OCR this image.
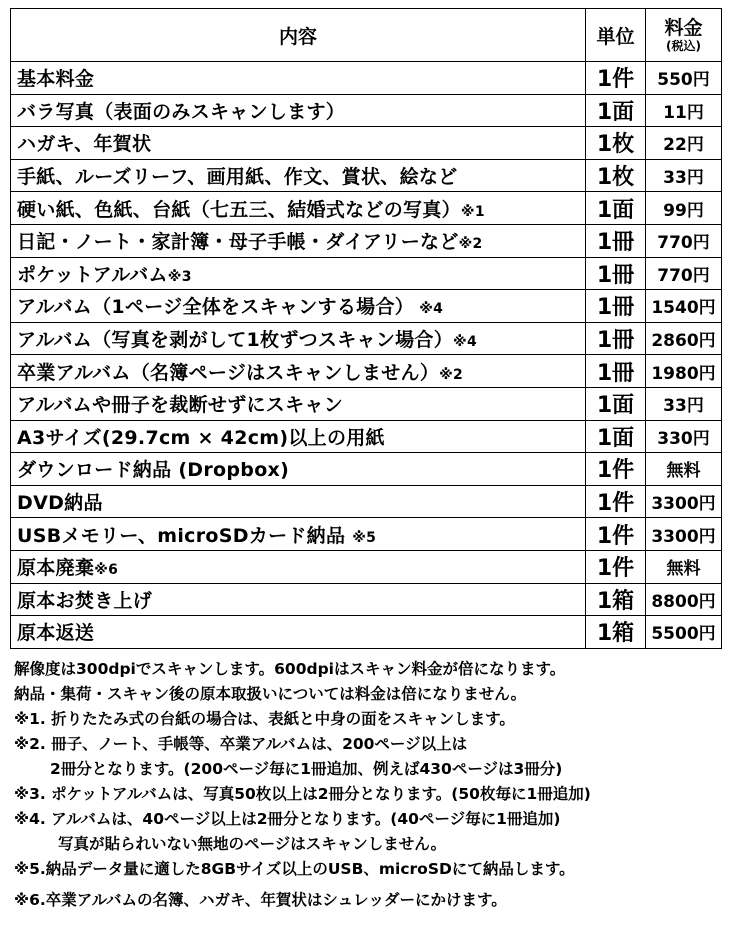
内容	単位	料金
(税込)

基本料金	1件	550円
バラ写真（表面のみスキャンします）	1面	11円
ハガキ、年賀状	1枚	22円
手紙、ルーズリーフ、画用紙、作文、賞状、絵など	1枚	33円
硬い紙、色紙、台紙（七五三、結婚式などの写真）※1	1面	99円
日記・ノート・家計簿・母子手帳・ダイアリーなど※2	1冊	770円
ポケットアルバム※3	1冊	770円
アルバム（1ページ全体をスキャンする場合） ※4	1冊	1540円
アルバム（写真を剥がして1枚ずつスキャン場合）※4	1冊	2860円
卒業アルバム（名簿ページはスキャンしません）※2	1冊	1980円
アルバムや冊子を裁断せずにスキャン	1面	33円
A3サイズ(29.7cm × 42cm)以上の用紙	1面	330円
ダウンロード納品 (Dropbox)	1件	無料
DVD納品	1件	3300円
USBメモリー、microSDカード納品 ※5	1件	3300円
原本廃棄※6	1件	無料
原本お焚き上げ	1箱	8800円
原本返送	1箱	5500円
解像度は300dpiでスキャンします。600dpiはスキャン料金が倍になります。
納品・集荷・スキャン後の原本取扱いについては料金は倍になりません。
※1. 折りたたみ式の台紙の場合は、表紙と中身の面をスキャンします。
※2. 冊子、ノート、手帳等、卒業アルバムは、200ページ以上は
2冊分となります。(200ページ毎に1冊追加、例えば430ページは3冊分)
※3. ポケットアルバムは、写真50枚以上は2冊分となります。(50枚毎に1冊追加)
※4. アルバムは、40ページ以上は2冊分となります。(40ページ毎に1冊追加)
写真が貼られいない無地のページはスキャンしません。
※5.納品データ量に適した8GBサイズ以上のUSB、microSDにて納品します。
※6.卒業アルバムの名簿、ハガキ、年賀状はシュレッダーにかけます。
